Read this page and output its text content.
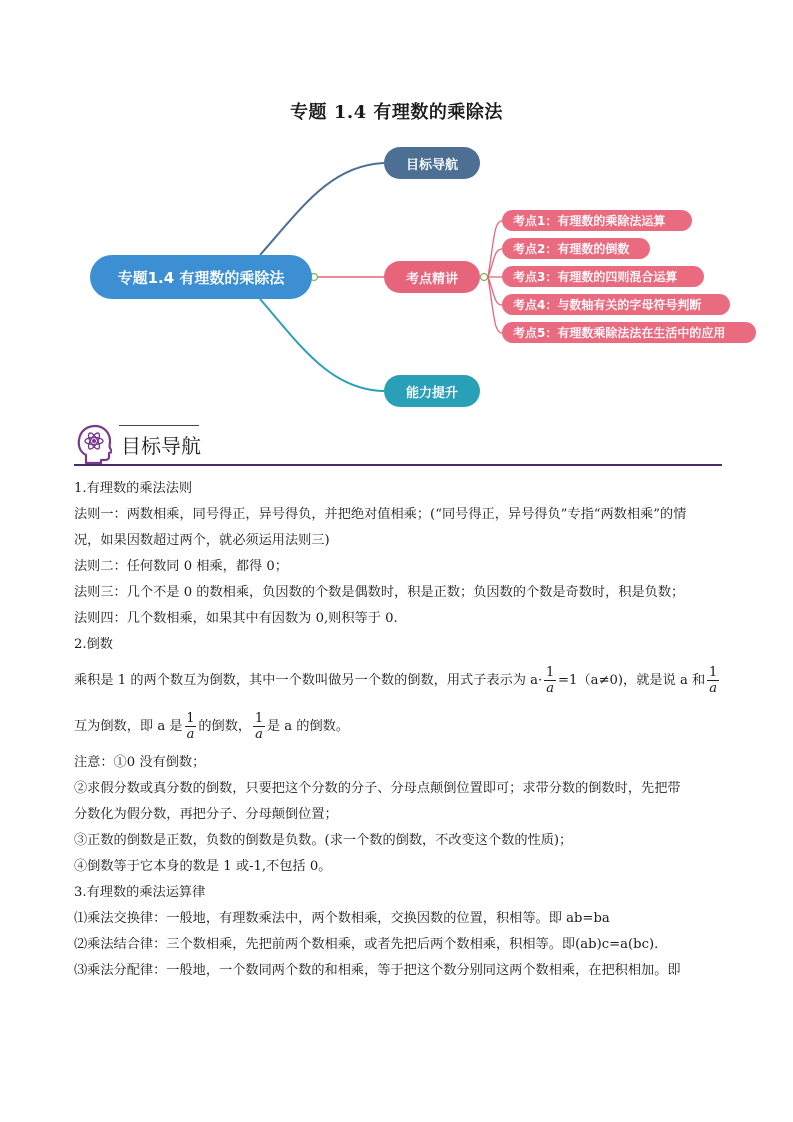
专题 1.4 有理数的乘除法
专题1.4 有理数的乘除法
目标导航
考点精讲
能力提升
考点1：有理数的乘除法运算
考点2：有理数的倒数
考点3：有理数的四则混合运算
考点4：与数轴有关的字母符号判断
考点5：有理数乘除法法在生活中的应用
目标导航

1.有理数的乘法法则

法则一：两数相乘，同号得正，异号得负，并把绝对值相乘；(“同号得正，异号得负”专指“两数相乘”的情

况，如果因数超过两个，就必须运用法则三)

法则二：任何数同 0 相乘，都得 0；

法则三：几个不是 0 的数相乘，负因数的个数是偶数时，积是正数；负因数的个数是奇数时，积是负数；

法则四：几个数相乘，如果其中有因数为 0,则积等于 0.

2.倒数

乘积是 1 的两个数互为倒数，其中一个数叫做另一个数的倒数，用式子表示为 $a\cdot \frac{1}{a} =1(a\ne 0)$，就是说 a 和 $\frac{1}{a}$

互为倒数，即 a 是 $\frac{1}{a}$ 的倒数， $\frac{1}{a}$ 是 a 的倒数。

注意：①0 没有倒数；

②求假分数或真分数的倒数，只要把这个分数的分子、分母点颠倒位置即可；求带分数的倒数时，先把带

分数化为假分数，再把分子、分母颠倒位置；

③正数的倒数是正数，负数的倒数是负数。(求一个数的倒数，不改变这个数的性质)；

④倒数等于它本身的数是 1 或-1,不包括 0。

3.有理数的乘法运算律

⑴乘法交换律：一般地，有理数乘法中，两个数相乘，交换因数的位置，积相等。即 ab=ba

⑵乘法结合律：三个数相乘，先把前两个数相乘，或者先把后两个数相乘，积相等。即(ab)c=a(bc).

⑶乘法分配律：一般地，一个数同两个数的和相乘，等于把这个数分别同这两个数相乘，在把积相加。即
